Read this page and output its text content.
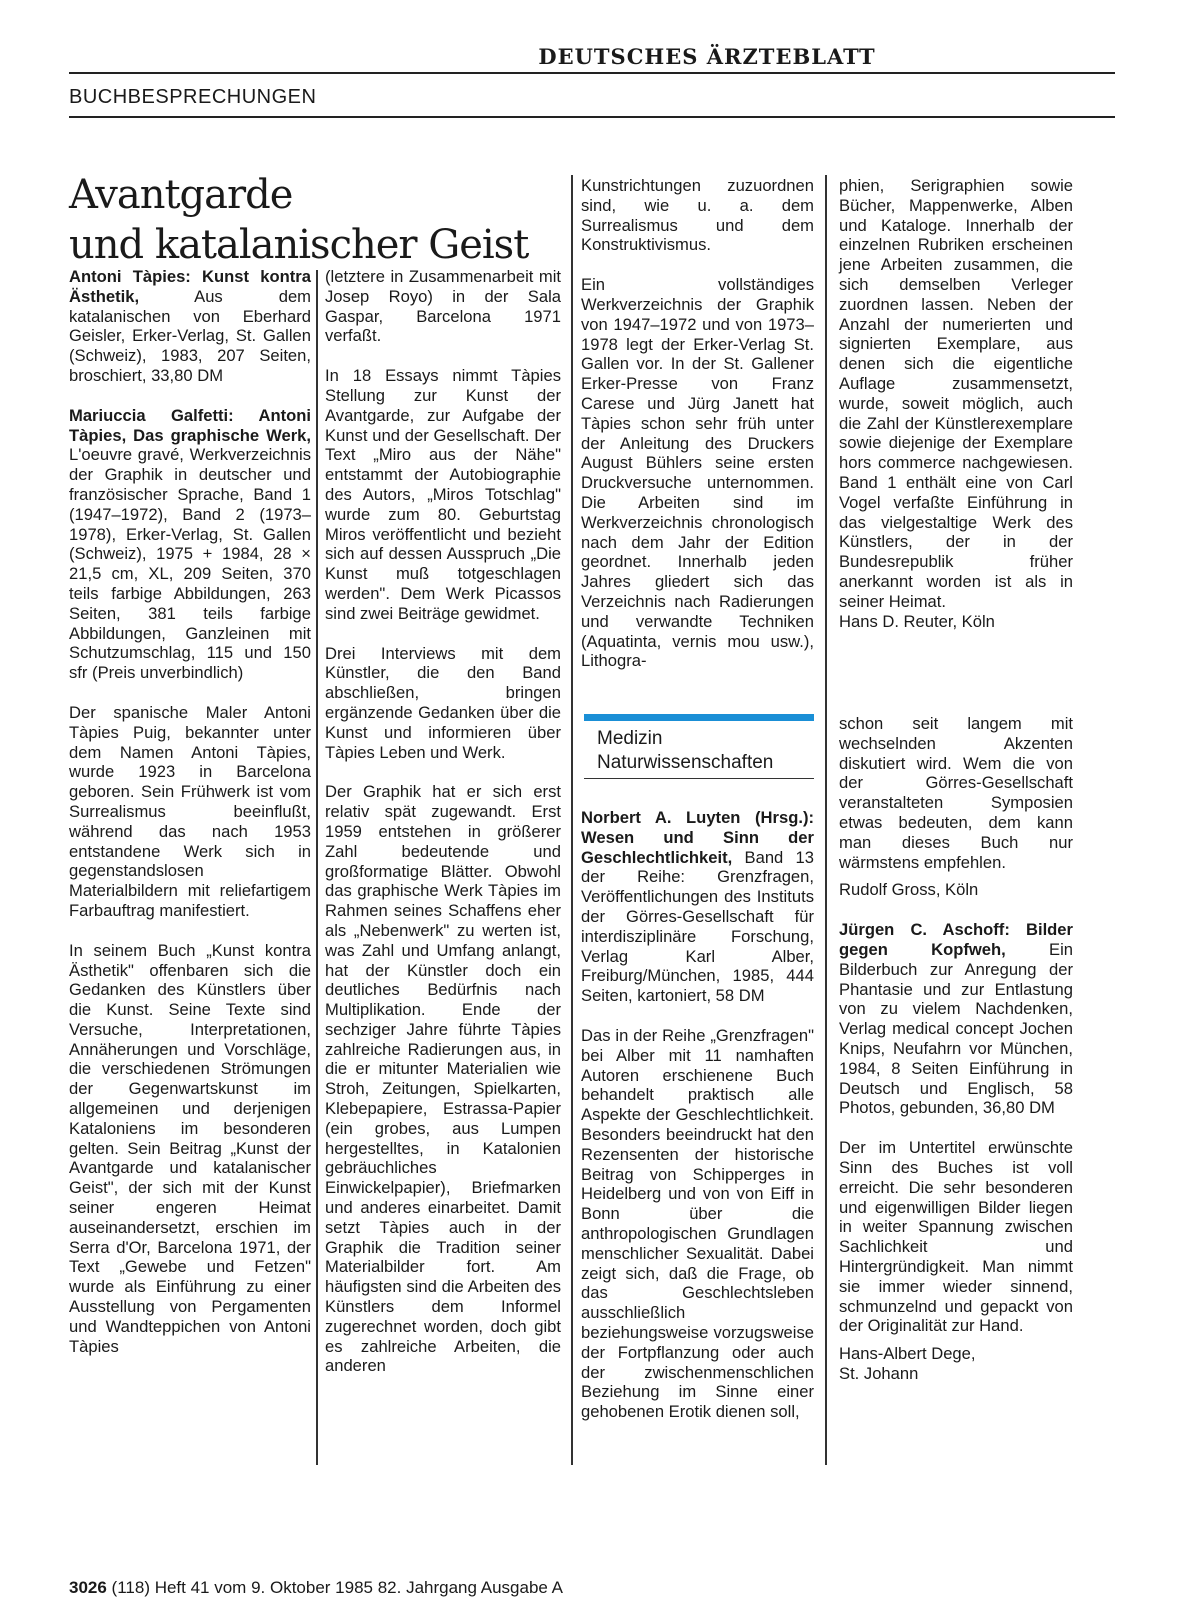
DEUTSCHES ÄRZTEBLATT
BUCHBESPRECHUNGEN
Avantgarde
und katalanischer Geist

Antoni Tàpies: Kunst kontra Ästhetik, Aus dem katalanischen von Eberhard Geisler, Erker-Verlag, St. Gallen (Schweiz), 1983, 207 Seiten, broschiert, 33,80 DM

Mariuccia Galfetti: Antoni Tàpies, Das graphische Werk, L'oeuvre gravé, Werkverzeichnis der Graphik in deutscher und französischer Sprache, Band 1 (1947–1972), Band 2 (1973–1978), Erker-Verlag, St. Gallen (Schweiz), 1975 + 1984, 28 × 21,5 cm, XL, 209 Seiten, 370 teils farbige Abbildungen, 263 Seiten, 381 teils farbige Abbildungen, Ganzleinen mit Schutzumschlag, 115 und 150 sfr (Preis unverbindlich)

Der spanische Maler Antoni Tàpies Puig, bekannter unter dem Namen Antoni Tàpies, wurde 1923 in Barcelona geboren. Sein Frühwerk ist vom Surrealismus beeinflußt, während das nach 1953 entstandene Werk sich in gegenstandslosen Materialbildern mit reliefartigem Farbauftrag manifestiert.

In seinem Buch „Kunst kontra Ästhetik" offenbaren sich die Gedanken des Künstlers über die Kunst. Seine Texte sind Versuche, Interpretationen, Annäherungen und Vorschläge, die verschiedenen Strömungen der Gegenwartskunst im allgemeinen und derjenigen Kataloniens im besonderen gelten. Sein Beitrag „Kunst der Avantgarde und katalanischer Geist", der sich mit der Kunst seiner engeren Heimat auseinandersetzt, erschien im Serra d'Or, Barcelona 1971, der Text „Gewebe und Fetzen" wurde als Einführung zu einer Ausstellung von Pergamenten und Wandteppichen von Antoni Tàpies

(letztere in Zusammenarbeit mit Josep Royo) in der Sala Gaspar, Barcelona 1971 verfaßt.

In 18 Essays nimmt Tàpies Stellung zur Kunst der Avantgarde, zur Aufgabe der Kunst und der Gesellschaft. Der Text „Miro aus der Nähe" entstammt der Autobiographie des Autors, „Miros Totschlag" wurde zum 80. Geburtstag Miros veröffentlicht und bezieht sich auf dessen Ausspruch „Die Kunst muß totgeschlagen werden". Dem Werk Picassos sind zwei Beiträge gewidmet.

Drei Interviews mit dem Künstler, die den Band abschließen, bringen ergänzende Gedanken über die Kunst und informieren über Tàpies Leben und Werk.

Der Graphik hat er sich erst relativ spät zugewandt. Erst 1959 entstehen in größerer Zahl bedeutende und großformatige Blätter. Obwohl das graphische Werk Tàpies im Rahmen seines Schaffens eher als „Nebenwerk" zu werten ist, was Zahl und Umfang anlangt, hat der Künstler doch ein deutliches Bedürfnis nach Multiplikation. Ende der sechziger Jahre führte Tàpies zahlreiche Radierungen aus, in die er mitunter Materialien wie Stroh, Zeitungen, Spielkarten, Klebepapiere, Estrassa-Papier (ein grobes, aus Lumpen hergestelltes, in Katalonien gebräuchliches Einwickelpapier), Briefmarken und anderes einarbeitet. Damit setzt Tàpies auch in der Graphik die Tradition seiner Materialbilder fort. Am häufigsten sind die Arbeiten des Künstlers dem Informel zugerechnet worden, doch gibt es zahlreiche Arbeiten, die anderen

Kunstrichtungen zuzuordnen sind, wie u. a. dem Surrealismus und dem Konstruktivismus.

Ein vollständiges Werkverzeichnis der Graphik von 1947–1972 und von 1973–1978 legt der Erker-Verlag St. Gallen vor. In der St. Gallener Erker-Presse von Franz Carese und Jürg Janett hat Tàpies schon sehr früh unter der Anleitung des Druckers August Bühlers seine ersten Druckversuche unternommen. Die Arbeiten sind im Werkverzeichnis chronologisch nach dem Jahr der Edition geordnet. Innerhalb jeden Jahres gliedert sich das Verzeichnis nach Radierungen und verwandte Techniken (Aquatinta, vernis mou usw.), Lithogra-

Medizin
Naturwissenschaften

Norbert A. Luyten (Hrsg.): Wesen und Sinn der Geschlechtlichkeit, Band 13 der Reihe: Grenzfragen, Veröffentlichungen des Instituts der Görres-Gesellschaft für interdisziplinäre Forschung, Verlag Karl Alber, Freiburg/München, 1985, 444 Seiten, kartoniert, 58 DM

Das in der Reihe „Grenzfragen" bei Alber mit 11 namhaften Autoren erschienene Buch behandelt praktisch alle Aspekte der Geschlechtlichkeit. Besonders beeindruckt hat den Rezensenten der historische Beitrag von Schipperges in Heidelberg und von von Eiff in Bonn über die anthropologischen Grundlagen menschlicher Sexualität. Dabei zeigt sich, daß die Frage, ob das Geschlechtsleben ausschließlich beziehungsweise vorzugsweise der Fortpflanzung oder auch der zwischenmenschlichen Beziehung im Sinne einer gehobenen Erotik dienen soll,

phien, Serigraphien sowie Bücher, Mappenwerke, Alben und Kataloge. Innerhalb der einzelnen Rubriken erscheinen jene Arbeiten zusammen, die sich demselben Verleger zuordnen lassen. Neben der Anzahl der numerierten und signierten Exemplare, aus denen sich die eigentliche Auflage zusammensetzt, wurde, soweit möglich, auch die Zahl der Künstlerexemplare sowie diejenige der Exemplare hors commerce nachgewiesen. Band 1 enthält eine von Carl Vogel verfaßte Einführung in das vielgestaltige Werk des Künstlers, der in der Bundesrepublik früher anerkannt worden ist als in seiner Heimat.

Hans D. Reuter, Köln

schon seit langem mit wechselnden Akzenten diskutiert wird. Wem die von der Görres-Gesellschaft veranstalteten Symposien etwas bedeuten, dem kann man dieses Buch nur wärmstens empfehlen.

Rudolf Gross, Köln

Jürgen C. Aschoff: Bilder gegen Kopfweh, Ein Bilderbuch zur Anregung der Phantasie und zur Entlastung von zu vielem Nachdenken, Verlag medical concept Jochen Knips, Neufahrn vor München, 1984, 8 Seiten Einführung in Deutsch und Englisch, 58 Photos, gebunden, 36,80 DM

Der im Untertitel erwünschte Sinn des Buches ist voll erreicht. Die sehr besonderen und eigenwilligen Bilder liegen in weiter Spannung zwischen Sachlichkeit und Hintergründigkeit. Man nimmt sie immer wieder sinnend, schmunzelnd und gepackt von der Originalität zur Hand.

Hans-Albert Dege,
St. Johann
3026 (118) Heft 41 vom 9. Oktober 1985 82. Jahrgang Ausgabe A
